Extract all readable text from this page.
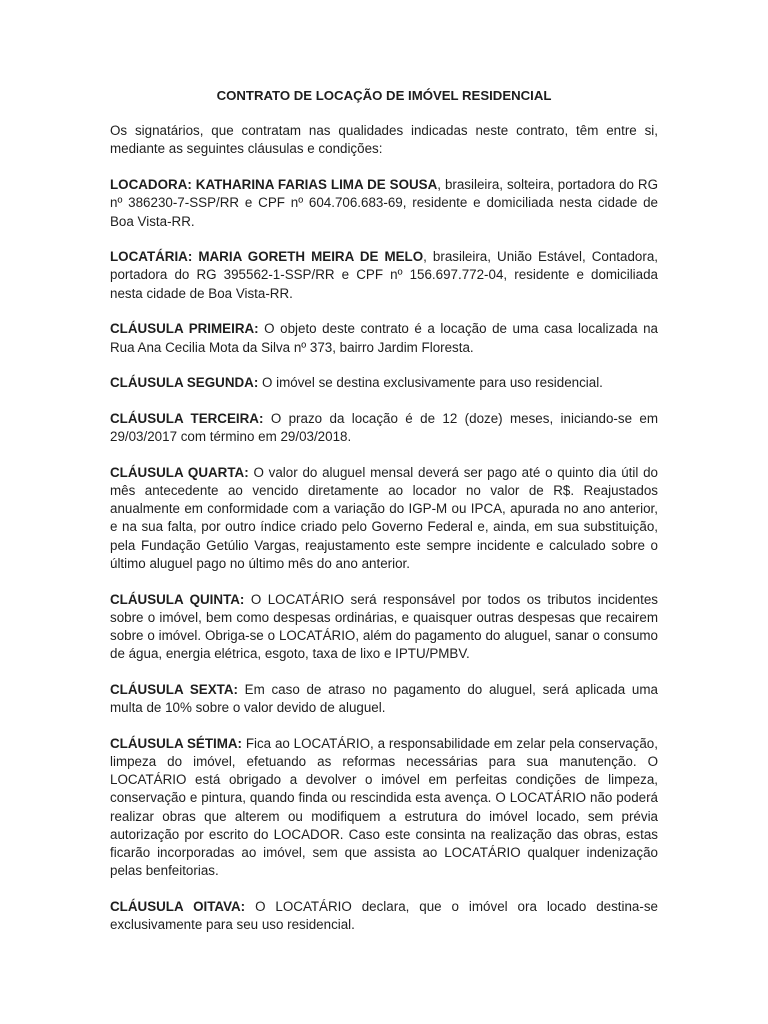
CONTRATO DE LOCAÇÃO DE IMÓVEL RESIDENCIAL

Os signatários, que contratam nas qualidades indicadas neste contrato, têm entre si, mediante as seguintes cláusulas e condições:

LOCADORA: KATHARINA FARIAS LIMA DE SOUSA, brasileira, solteira, portadora do RG nº 386230-7-SSP/RR e CPF nº 604.706.683-69, residente e domiciliada nesta cidade de Boa Vista-RR.

LOCATÁRIA: MARIA GORETH MEIRA DE MELO, brasileira, União Estável, Contadora, portadora do RG 395562-1-SSP/RR e CPF nº 156.697.772-04, residente e domiciliada nesta cidade de Boa Vista-RR.

CLÁUSULA PRIMEIRA: O objeto deste contrato é a locação de uma casa localizada na Rua Ana Cecilia Mota da Silva nº 373, bairro Jardim Floresta.

CLÁUSULA SEGUNDA: O imóvel se destina exclusivamente para uso residencial.

CLÁUSULA TERCEIRA: O prazo da locação é de 12 (doze) meses, iniciando-se em 29/03/2017 com término em 29/03/2018.

CLÁUSULA QUARTA: O valor do aluguel mensal deverá ser pago até o quinto dia útil do mês antecedente ao vencido diretamente ao locador no valor de R$. Reajustados anualmente em conformidade com a variação do IGP-M ou IPCA, apurada no ano anterior, e na sua falta, por outro índice criado pelo Governo Federal e, ainda, em sua substituição, pela Fundação Getúlio Vargas, reajustamento este sempre incidente e calculado sobre o último aluguel pago no último mês do ano anterior.

CLÁUSULA QUINTA: O LOCATÁRIO será responsável por todos os tributos incidentes sobre o imóvel, bem como despesas ordinárias, e quaisquer outras despesas que recairem sobre o imóvel. Obriga-se o LOCATÁRIO, além do pagamento do aluguel, sanar o consumo de água, energia elétrica, esgoto, taxa de lixo e IPTU/PMBV.

CLÁUSULA SEXTA: Em caso de atraso no pagamento do aluguel, será aplicada uma multa de 10% sobre o valor devido de aluguel.

CLÁUSULA SÉTIMA: Fica ao LOCATÁRIO, a responsabilidade em zelar pela conservação, limpeza do imóvel, efetuando as reformas necessárias para sua manutenção. O LOCATÁRIO está obrigado a devolver o imóvel em perfeitas condições de limpeza, conservação e pintura, quando finda ou rescindida esta avença. O LOCATÁRIO não poderá realizar obras que alterem ou modifiquem a estrutura do imóvel locado, sem prévia autorização por escrito do LOCADOR. Caso este consinta na realização das obras, estas ficarão incorporadas ao imóvel, sem que assista ao LOCATÁRIO qualquer indenização pelas benfeitorias.

CLÁUSULA OITAVA: O LOCATÁRIO declara, que o imóvel ora locado destina-se exclusivamente para seu uso residencial.
